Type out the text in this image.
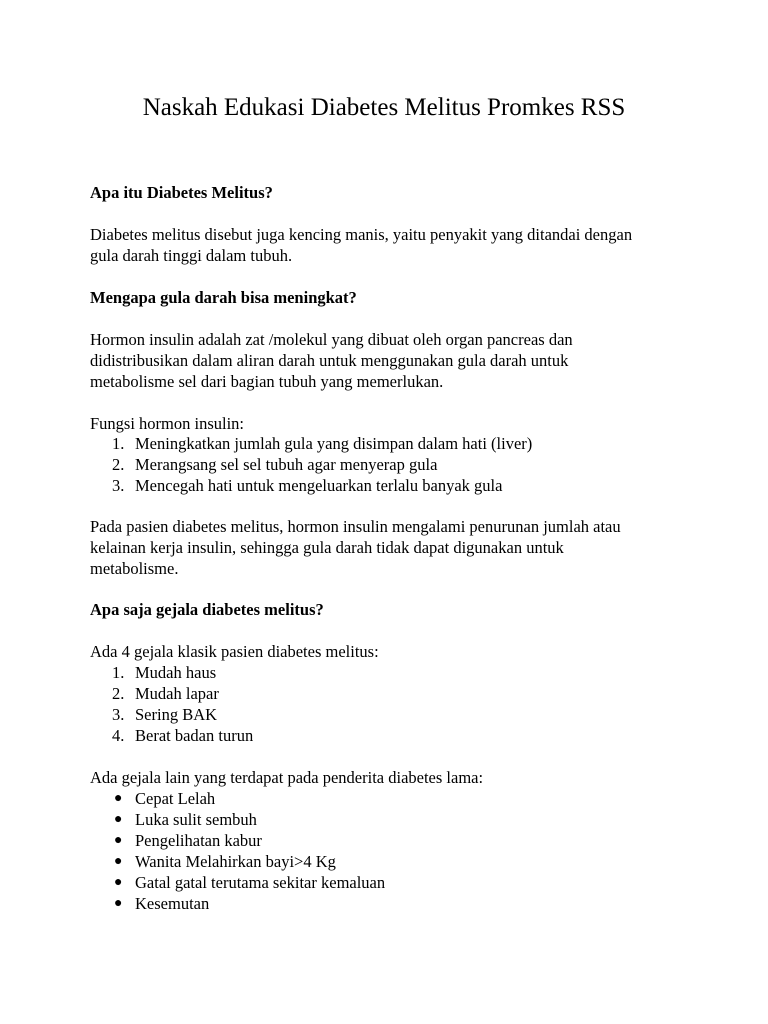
Naskah Edukasi Diabetes Melitus Promkes RSS
Apa itu Diabetes Melitus?
Diabetes melitus disebut juga kencing manis, yaitu penyakit yang ditandai dengan
gula darah tinggi dalam tubuh.
Mengapa gula darah bisa meningkat?
Hormon insulin adalah zat /molekul yang dibuat oleh organ pancreas dan
didistribusikan dalam aliran darah untuk menggunakan gula darah untuk
metabolisme sel dari bagian tubuh yang memerlukan.
Fungsi hormon insulin:
1. Meningkatkan jumlah gula yang disimpan dalam hati (liver)
2. Merangsang sel sel tubuh agar menyerap gula
3. Mencegah hati untuk mengeluarkan terlalu banyak gula
Pada pasien diabetes melitus, hormon insulin mengalami penurunan jumlah atau
kelainan kerja insulin, sehingga gula darah tidak dapat digunakan untuk
metabolisme.
Apa saja gejala diabetes melitus?
Ada 4 gejala klasik pasien diabetes melitus:
1. Mudah haus
2. Mudah lapar
3. Sering BAK
4. Berat badan turun
Ada gejala lain yang terdapat pada penderita diabetes lama:
● Cepat Lelah
● Luka sulit sembuh
● Pengelihatan kabur
● Wanita Melahirkan bayi>4 Kg
● Gatal gatal terutama sekitar kemaluan
● Kesemutan
